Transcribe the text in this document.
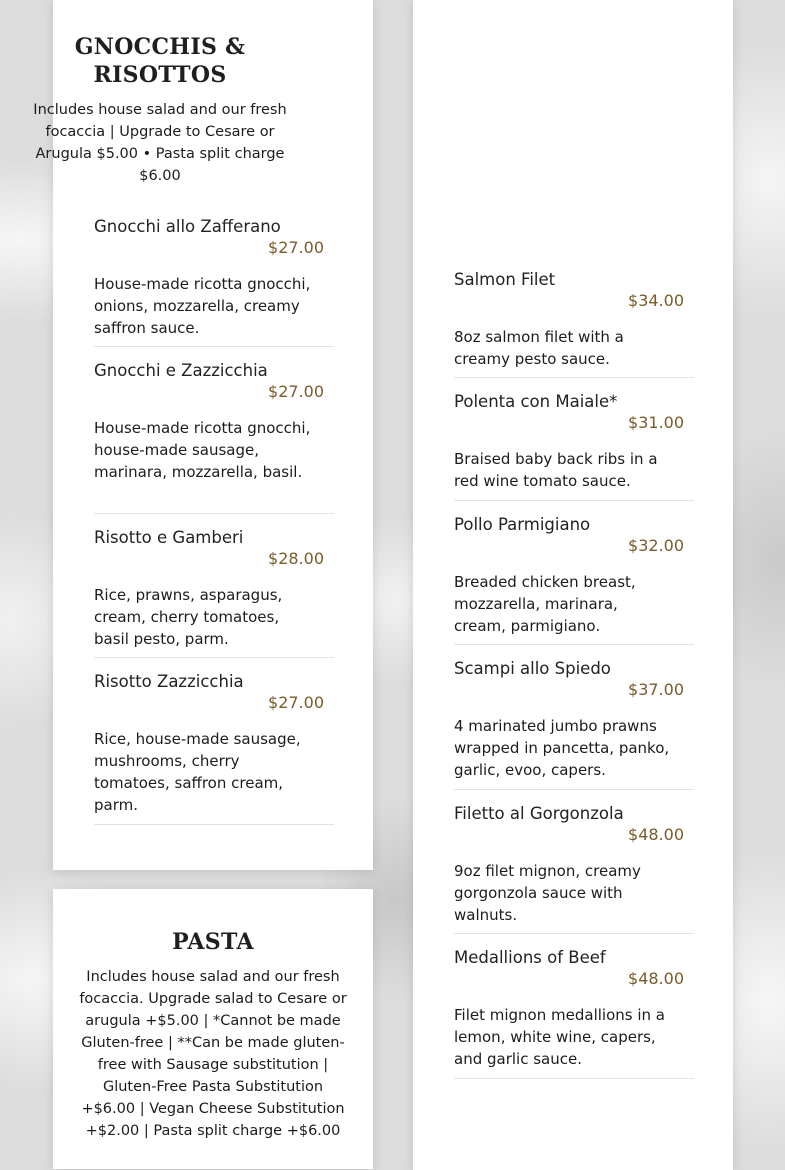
GNOCCHIS & RISOTTOS

Includes house salad and our fresh focaccia | Upgrade to Cesare or Arugula $5.00 • Pasta split charge $6.00

Gnocchi allo Zafferano

$27.00

House-made ricotta gnocchi, onions, mozzarella, creamy saffron sauce.

Gnocchi e Zazzicchia

$27.00

House-made ricotta gnocchi, house-made sausage, marinara, mozzarella, basil.

Risotto e Gamberi

$28.00

Rice, prawns, asparagus, cream, cherry tomatoes, basil pesto, parm.

Risotto Zazzicchia

$27.00

Rice, house-made sausage, mushrooms, cherry tomatoes, saffron cream, parm.

PASTA

Includes house salad and our fresh focaccia. Upgrade salad to Cesare or arugula +$5.00 | *Cannot be made Gluten-free | **Can be made gluten-free with Sausage substitution | Gluten-Free Pasta Substitution +$6.00 | Vegan Cheese Substitution +$2.00 | Pasta split charge +$6.00

Salmon Filet

$34.00

8oz salmon filet with a creamy pesto sauce.

Polenta con Maiale*

$31.00

Braised baby back ribs in a red wine tomato sauce.

Pollo Parmigiano

$32.00

Breaded chicken breast, mozzarella, marinara, cream, parmigiano.

Scampi allo Spiedo

$37.00

4 marinated jumbo prawns wrapped in pancetta, panko, garlic, evoo, capers.

Filetto al Gorgonzola

$48.00

9oz filet mignon, creamy gorgonzola sauce with walnuts.

Medallions of Beef

$48.00

Filet mignon medallions in a lemon, white wine, capers, and garlic sauce.
